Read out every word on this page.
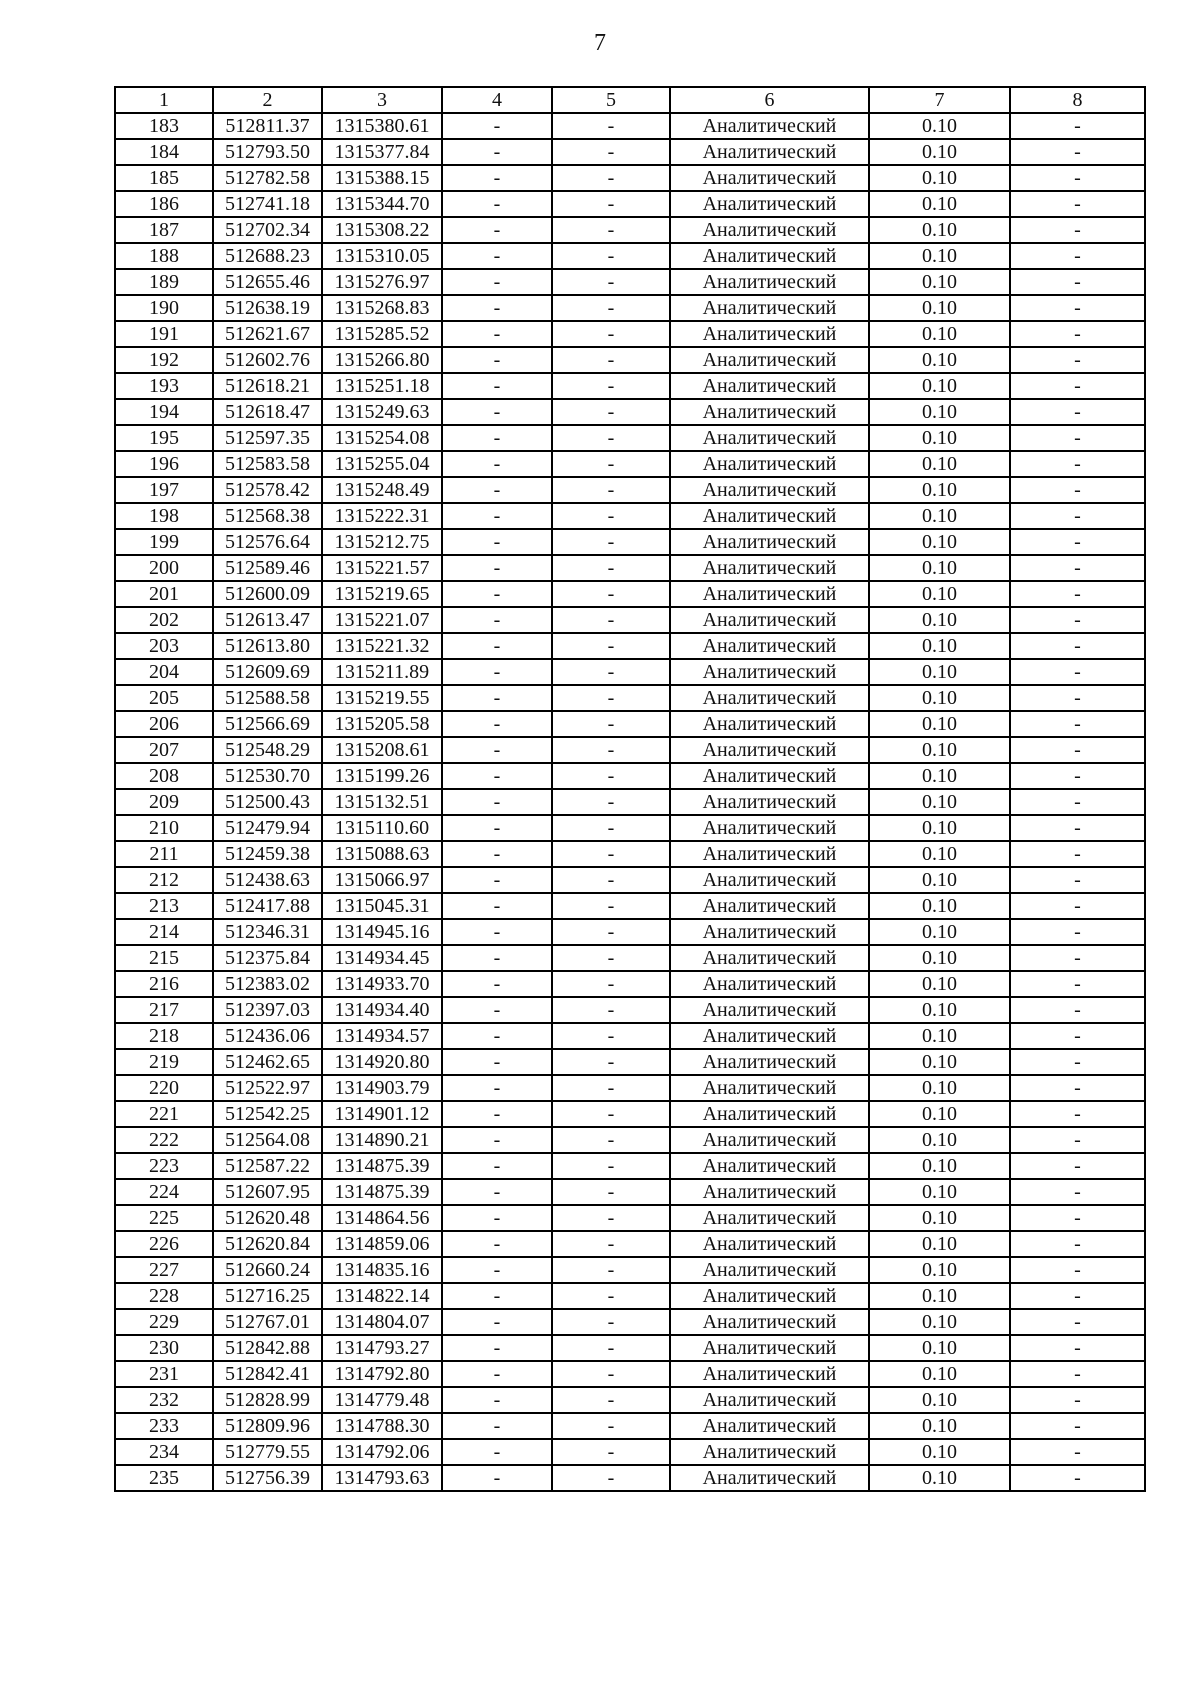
7
1	2	3	4	5	6	7	8
183	512811.37	1315380.61	-	-	Аналитический	0.10	-
184	512793.50	1315377.84	-	-	Аналитический	0.10	-
185	512782.58	1315388.15	-	-	Аналитический	0.10	-
186	512741.18	1315344.70	-	-	Аналитический	0.10	-
187	512702.34	1315308.22	-	-	Аналитический	0.10	-
188	512688.23	1315310.05	-	-	Аналитический	0.10	-
189	512655.46	1315276.97	-	-	Аналитический	0.10	-
190	512638.19	1315268.83	-	-	Аналитический	0.10	-
191	512621.67	1315285.52	-	-	Аналитический	0.10	-
192	512602.76	1315266.80	-	-	Аналитический	0.10	-
193	512618.21	1315251.18	-	-	Аналитический	0.10	-
194	512618.47	1315249.63	-	-	Аналитический	0.10	-
195	512597.35	1315254.08	-	-	Аналитический	0.10	-
196	512583.58	1315255.04	-	-	Аналитический	0.10	-
197	512578.42	1315248.49	-	-	Аналитический	0.10	-
198	512568.38	1315222.31	-	-	Аналитический	0.10	-
199	512576.64	1315212.75	-	-	Аналитический	0.10	-
200	512589.46	1315221.57	-	-	Аналитический	0.10	-
201	512600.09	1315219.65	-	-	Аналитический	0.10	-
202	512613.47	1315221.07	-	-	Аналитический	0.10	-
203	512613.80	1315221.32	-	-	Аналитический	0.10	-
204	512609.69	1315211.89	-	-	Аналитический	0.10	-
205	512588.58	1315219.55	-	-	Аналитический	0.10	-
206	512566.69	1315205.58	-	-	Аналитический	0.10	-
207	512548.29	1315208.61	-	-	Аналитический	0.10	-
208	512530.70	1315199.26	-	-	Аналитический	0.10	-
209	512500.43	1315132.51	-	-	Аналитический	0.10	-
210	512479.94	1315110.60	-	-	Аналитический	0.10	-
211	512459.38	1315088.63	-	-	Аналитический	0.10	-
212	512438.63	1315066.97	-	-	Аналитический	0.10	-
213	512417.88	1315045.31	-	-	Аналитический	0.10	-
214	512346.31	1314945.16	-	-	Аналитический	0.10	-
215	512375.84	1314934.45	-	-	Аналитический	0.10	-
216	512383.02	1314933.70	-	-	Аналитический	0.10	-
217	512397.03	1314934.40	-	-	Аналитический	0.10	-
218	512436.06	1314934.57	-	-	Аналитический	0.10	-
219	512462.65	1314920.80	-	-	Аналитический	0.10	-
220	512522.97	1314903.79	-	-	Аналитический	0.10	-
221	512542.25	1314901.12	-	-	Аналитический	0.10	-
222	512564.08	1314890.21	-	-	Аналитический	0.10	-
223	512587.22	1314875.39	-	-	Аналитический	0.10	-
224	512607.95	1314875.39	-	-	Аналитический	0.10	-
225	512620.48	1314864.56	-	-	Аналитический	0.10	-
226	512620.84	1314859.06	-	-	Аналитический	0.10	-
227	512660.24	1314835.16	-	-	Аналитический	0.10	-
228	512716.25	1314822.14	-	-	Аналитический	0.10	-
229	512767.01	1314804.07	-	-	Аналитический	0.10	-
230	512842.88	1314793.27	-	-	Аналитический	0.10	-
231	512842.41	1314792.80	-	-	Аналитический	0.10	-
232	512828.99	1314779.48	-	-	Аналитический	0.10	-
233	512809.96	1314788.30	-	-	Аналитический	0.10	-
234	512779.55	1314792.06	-	-	Аналитический	0.10	-
235	512756.39	1314793.63	-	-	Аналитический	0.10	-
